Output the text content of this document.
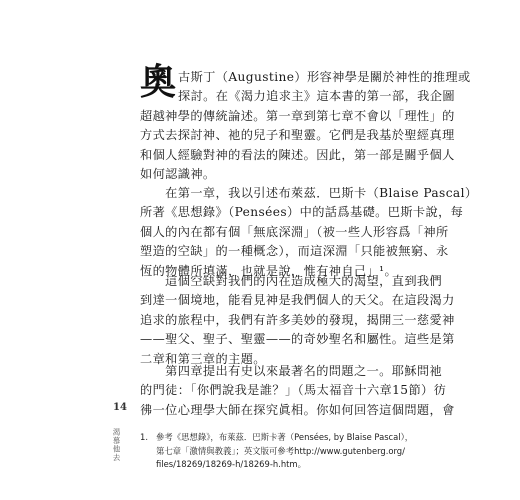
奧 古斯丁（Augustine）形容神學是關於神性的推理或
探討。在《渴力追求主》這本書的第一部，我企圖
超越神學的傳統論述。第一章到第七章不會以「理性」的
方式去探討神、祂的兒子和聖靈。它們是我基於聖經真理
和個人經驗對神的看法的陳述。因此，第一部是關乎個人
如何認識神。
　　在第一章，我以引述布萊茲．巴斯卡（Blaise Pascal）
所著《思想錄》（Pensées）中的話爲基礎。巴斯卡說，每
個人的內在都有個「無底深淵」（被一些人形容爲「神所
塑造的空缺」的一種概念），而這深淵「只能被無窮、永
恆的物體所填滿，也就是說，惟有神自己」¹。
　　這個空缺對我們的內在造成極大的渴望，直到我們
到達一個境地，能看見神是我們個人的天父。在這段渴力
追求的旅程中，我們有許多美妙的發現，揭開三一慈愛神
——聖父、聖子、聖靈——的奇妙聖名和屬性。這些是第
二章和第三章的主題。
　　第四章提出有史以來最著名的問題之一。耶穌問祂
的門徒：「你們說我是誰？」（馬太福音十六章15節）彷
彿一位心理學大師在探究眞相。你如何回答這個問題，會
14
渴慕他去 1. 參考《思想錄》，布萊茲．巴斯卡著（Pensées, by Blaise Pascal），
第七章「激情與教義」；英文版可參考http://www.gutenberg.org/
files/18269/18269-h/18269-h.htm。
